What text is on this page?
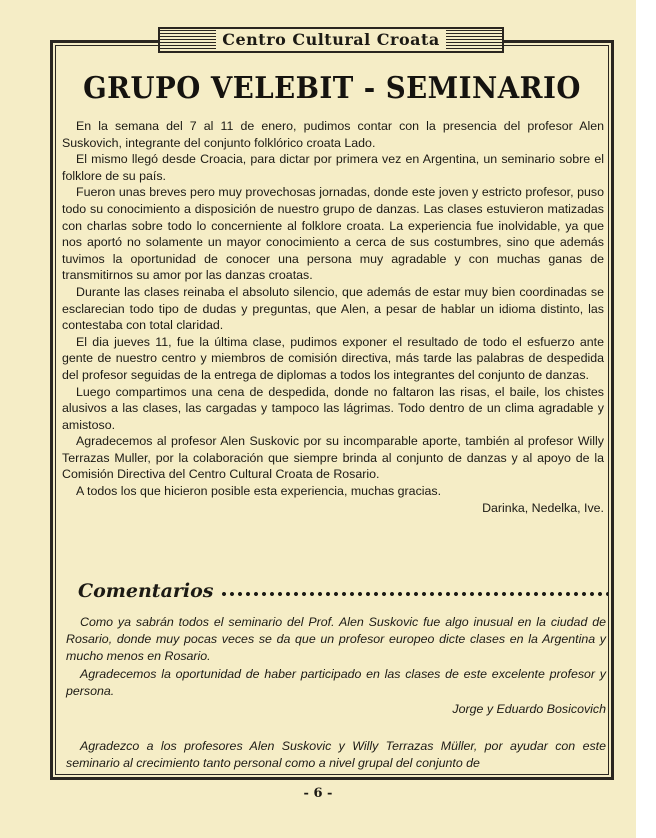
Centro Cultural Croata
GRUPO VELEBIT - SEMINARIO

En la semana del 7 al 11 de enero, pudimos contar con la presencia del profesor Alen Suskovich, integrante del conjunto folklórico croata Lado.

El mismo llegó desde Croacia, para dictar por primera vez en Argentina, un seminario sobre el folklore de su país.

Fueron unas breves pero muy provechosas jornadas, donde este joven y estricto profesor, puso todo su conocimiento a disposición de nuestro grupo de danzas. Las clases estuvieron matizadas con charlas sobre todo lo concerniente al folklore croata. La experiencia fue inolvidable, ya que nos aportó no solamente un mayor conocimiento a cerca de sus costumbres, sino que además tuvimos la oportunidad de conocer una persona muy agradable y con muchas ganas de transmitirnos su amor por las danzas croatas.

Durante las clases reinaba el absoluto silencio, que además de estar muy bien coordinadas se esclarecian todo tipo de dudas y preguntas, que Alen, a pesar de hablar un idioma distinto, las contestaba con total claridad.

El dia jueves 11, fue la última clase, pudimos exponer el resultado de todo el esfuerzo ante gente de nuestro centro y miembros de comisión directiva, más tarde las palabras de despedida del profesor seguidas de la entrega de diplomas a todos los integrantes del conjunto de danzas.

Luego compartimos una cena de despedida, donde no faltaron las risas, el baile, los chistes alusivos a las clases, las cargadas y tampoco las lágrimas. Todo dentro de un clima agradable y amistoso.

Agradecemos al profesor Alen Suskovic por su incomparable aporte, también al profesor Willy Terrazas Muller, por la colaboración que siempre brinda al conjunto de danzas y al apoyo de la Comisión Directiva del Centro Cultural Croata de Rosario.

A todos los que hicieron posible esta experiencia, muchas gracias.

Darinka, Nedelka, Ive.
Comentarios

Como ya sabrán todos el seminario del Prof. Alen Suskovic fue algo inusual en la ciudad de Rosario, donde muy pocas veces se da que un profesor europeo dicte clases en la Argentina y mucho menos en Rosario.

Agradecemos la oportunidad de haber participado en las clases de este excelente profesor y persona.

Jorge y Eduardo Bosicovich

Agradezco a los profesores Alen Suskovic y Willy Terrazas Müller, por ayudar con este seminario al crecimiento tanto personal como a nivel grupal del conjunto de

- 6 -
